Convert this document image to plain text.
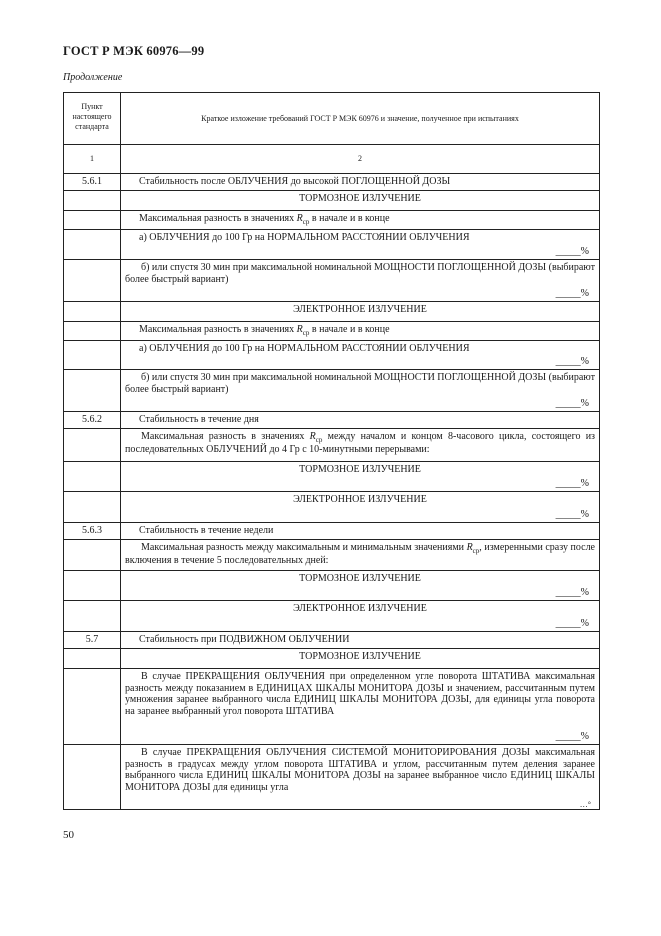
ГОСТ Р МЭК 60976—99
Продолжение
Пункт настоящего стандарта	Краткое изложение требований ГОСТ Р МЭК 60976 и значение, полученное при испытаниях
1	2
5.6.1	Стабильность после ОБЛУЧЕНИЯ до высокой ПОГЛОЩЕННОЙ ДОЗЫ
	ТОРМОЗНОЕ ИЗЛУЧЕНИЕ
	Максимальная разность в значениях $R_{ср}$ в начале и в конце

	а) ОБЛУЧЕНИЯ до 100 Гр на НОРМАЛЬНОМ РАССТОЯНИИ ОБЛУЧЕНИЯ
_____%

	б) или спустя 30 мин при максимальной номинальной МОЩНОСТИ ПОГЛОЩЕННОЙ ДОЗЫ (выбирают более быстрый вариант)
_____%

	ЭЛЕКТРОННОЕ ИЗЛУЧЕНИЕ
	Максимальная разность в значениях $R_{ср}$ в начале и в конце

	а) ОБЛУЧЕНИЯ до 100 Гр на НОРМАЛЬНОМ РАССТОЯНИИ ОБЛУЧЕНИЯ
_____%

	б) или спустя 30 мин при максимальной номинальной МОЩНОСТИ ПОГЛОЩЕННОЙ ДОЗЫ (выбирают более быстрый вариант)
_____%

5.6.2	Стабильность в течение дня

	Максимальная разность в значениях $R_{ср}$ между началом и концом 8-часового цикла, состоящего из последовательных ОБЛУЧЕНИЙ до 4 Гр с 10-минутными перерывами:

	ТОРМОЗНОЕ ИЗЛУЧЕНИЕ
_____%

	ЭЛЕКТРОННОЕ ИЗЛУЧЕНИЕ
_____%

5.6.3	Стабильность в течение недели

	Максимальная разность между максимальным и минимальным значениями $R_{ср}$, измеренными сразу после включения в течение 5 последовательных дней:

	ТОРМОЗНОЕ ИЗЛУЧЕНИЕ
_____%

	ЭЛЕКТРОННОЕ ИЗЛУЧЕНИЕ
_____%

5.7	Стабильность при ПОДВИЖНОМ ОБЛУЧЕНИИ
	ТОРМОЗНОЕ ИЗЛУЧЕНИЕ

	В случае ПРЕКРАЩЕНИЯ ОБЛУЧЕНИЯ при определенном угле поворота ШТАТИВА максимальная разность между показанием в ЕДИНИЦАХ ШКАЛЫ МОНИТОРА ДОЗЫ и значением, рассчитанным путем умножения заранее выбранного числа ЕДИНИЦ ШКАЛЫ МОНИТОРА ДОЗЫ, для единицы угла поворота на заранее выбранный угол поворота ШТАТИВА
_____%

	В случае ПРЕКРАЩЕНИЯ ОБЛУЧЕНИЯ СИСТЕМОЙ МОНИТОРИРОВАНИЯ ДОЗЫ максимальная разность в градусах между углом поворота ШТАТИВА и углом, рассчитанным путем деления заранее выбранного числа ЕДИНИЦ ШКАЛЫ МОНИТОРА ДОЗЫ на заранее выбранное число ЕДИНИЦ ШКАЛЫ МОНИТОРА ДОЗЫ для единицы угла
…°
50
